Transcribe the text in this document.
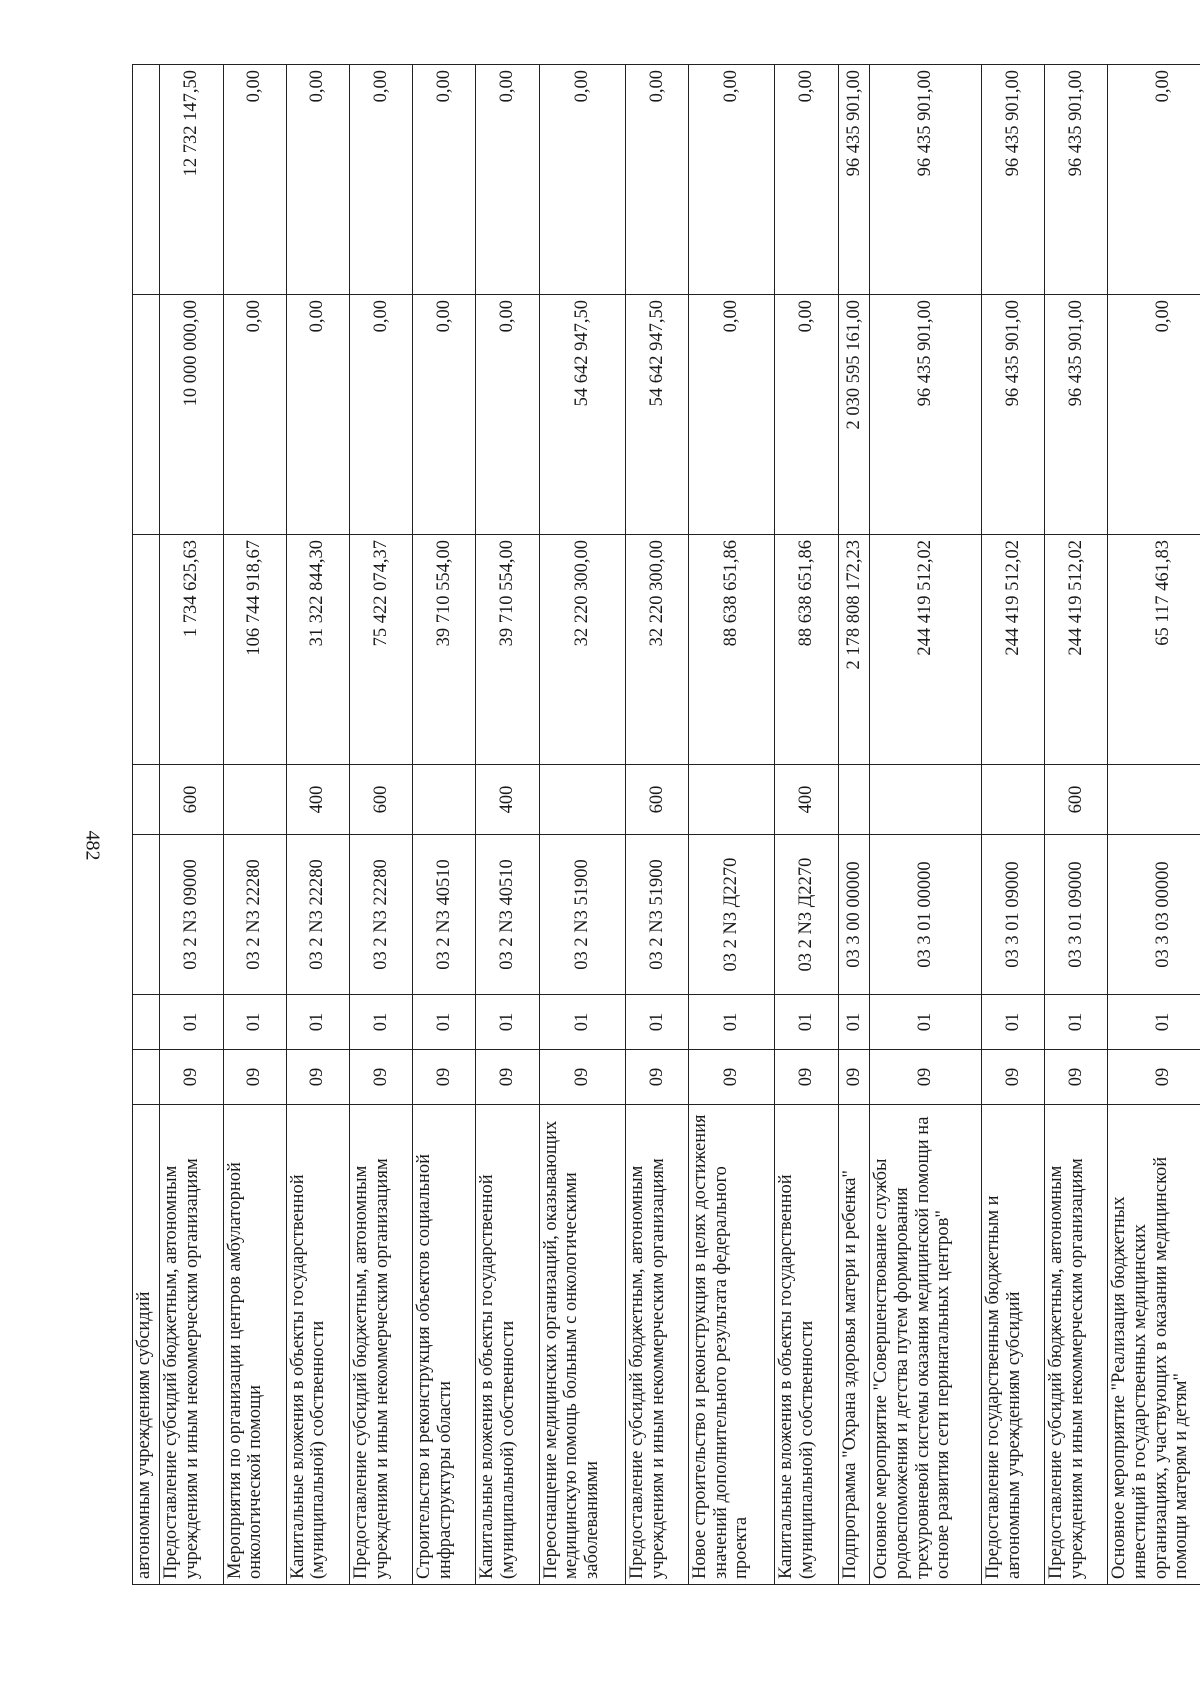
482
автономным учреждениям субсидий							
Предоставление субсидий бюджетным, автономным учреждениям и иным некоммерческим организациям	09	01	03 2 N3 09000	600	1 734 625,63	10 000 000,00	12 732 147,50
Мероприятия по организации центров амбулаторной онкологической помощи	09	01	03 2 N3 22280		106 744 918,67	0,00	0,00
Капитальные вложения в объекты государственной (муниципальной) собственности	09	01	03 2 N3 22280	400	31 322 844,30	0,00	0,00
Предоставление субсидий бюджетным, автономным учреждениям и иным некоммерческим организациям	09	01	03 2 N3 22280	600	75 422 074,37	0,00	0,00
Строительство и реконструкция объектов социальной инфраструктуры области	09	01	03 2 N3 40510		39 710 554,00	0,00	0,00
Капитальные вложения в объекты государственной (муниципальной) собственности	09	01	03 2 N3 40510	400	39 710 554,00	0,00	0,00
Переоснащение медицинских организаций, оказывающих медицинскую помощь больным с онкологическими заболеваниями	09	01	03 2 N3 51900		32 220 300,00	54 642 947,50	0,00
Предоставление субсидий бюджетным, автономным учреждениям и иным некоммерческим организациям	09	01	03 2 N3 51900	600	32 220 300,00	54 642 947,50	0,00
Новое строительство и реконструкция в целях достижения значений дополнительного результата федерального проекта	09	01	03 2 N3 Д2270		88 638 651,86	0,00	0,00
Капитальные вложения в объекты государственной (муниципальной) собственности	09	01	03 2 N3 Д2270	400	88 638 651,86	0,00	0,00
Подпрограмма "Охрана здоровья матери и ребенка"	09	01	03 3 00 00000		2 178 808 172,23	2 030 595 161,00	96 435 901,00
Основное мероприятие "Совершенствование службы родовспоможения и детства путем формирования трехуровневой системы оказания медицинской помощи на основе развития сети перинатальных центров"	09	01	03 3 01 00000		244 419 512,02	96 435 901,00	96 435 901,00
Предоставление государственным бюджетным и автономным учреждениям субсидий	09	01	03 3 01 09000		244 419 512,02	96 435 901,00	96 435 901,00
Предоставление субсидий бюджетным, автономным учреждениям и иным некоммерческим организациям	09	01	03 3 01 09000	600	244 419 512,02	96 435 901,00	96 435 901,00
Основное мероприятие "Реализация бюджетных инвестиций в государственных медицинских организациях, участвующих в оказании медицинской помощи матерям и детям"	09	01	03 3 03 00000		65 117 461,83	0,00	0,00
